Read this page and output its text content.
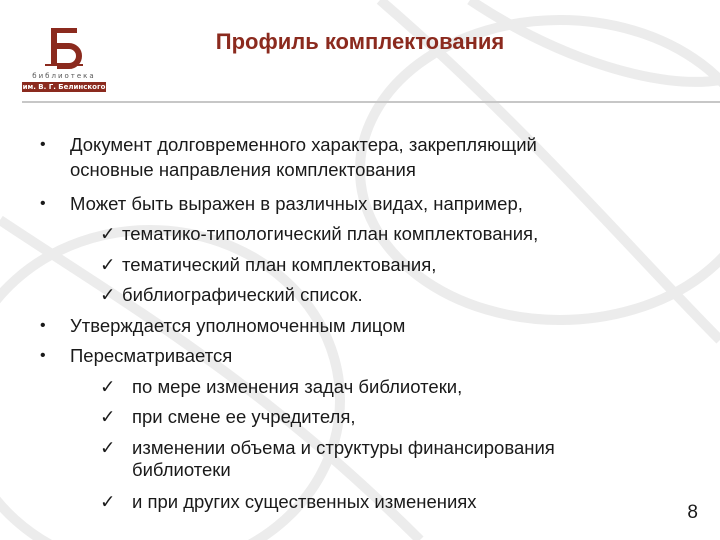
библиотека
им. В. Г. Белинского
Профиль комплектования
• Документ долговременного характера, закрепляющий
основные направления комплектования
• Может быть выражен в различных видах, например,
✓ тематико-типологический план комплектования,
✓ тематический план комплектования,
✓ библиографический список.
• Утверждается уполномоченным лицом
• Пересматривается
✓ по мере изменения задач библиотеки,
✓ при смене ее учредителя,
✓ изменении объема и структуры финансирования
библиотеки
✓ и при других существенных изменениях
8
